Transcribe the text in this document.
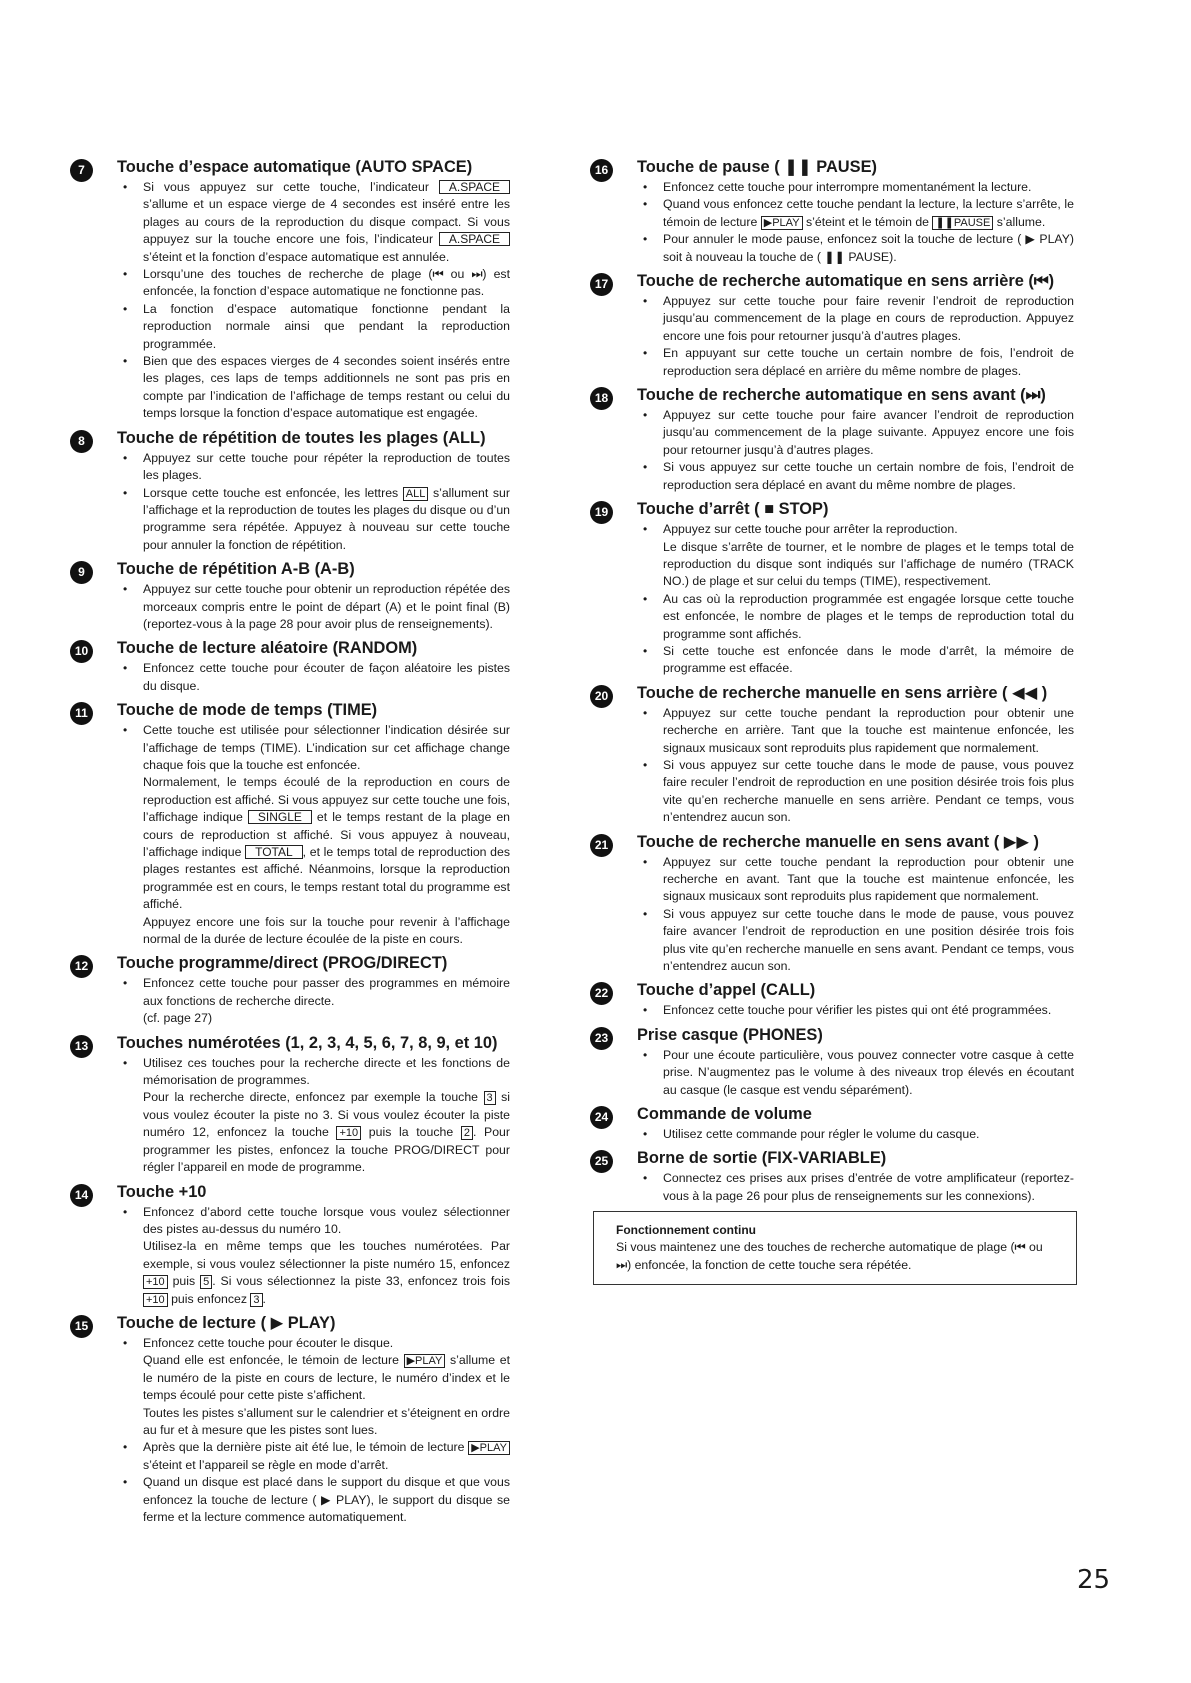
7	Touche d’espace automatique (AUTO SPACE)
• Si vous appuyez sur cette touche, l’indicateur A.SPACE s’allume et un espace vierge de 4 secondes est inséré entre les plages au cours de la reproduction du disque compact. Si vous appuyez sur la touche encore une fois, l’indicateur A.SPACE s’éteint et la fonction d’espace automatique est annulée.
• Lorsqu’une des touches de recherche de plage (⏮ ou ⏭) est enfoncée, la fonction d’espace automatique ne fonctionne pas.
• La fonction d’espace automatique fonctionne pendant la reproduction normale ainsi que pendant la reproduction programmée.
• Bien que des espaces vierges de 4 secondes soient insérés entre les plages, ces laps de temps additionnels ne sont pas pris en compte par l’indication de l’affichage de temps restant ou celui du temps lorsque la fonction d’espace automatique est engagée.
8	Touche de répétition de toutes les plages (ALL)
• Appuyez sur cette touche pour répéter la reproduction de toutes les plages.
• Lorsque cette touche est enfoncée, les lettres ALL s’allument sur l’affichage et la reproduction de toutes les plages du disque ou d’un programme sera répétée. Appuyez à nouveau sur cette touche pour annuler la fonction de répétition.
9	Touche de répétition A-B (A-B)
• Appuyez sur cette touche pour obtenir un reproduction répétée des morceaux compris entre le point de départ (A) et le point final (B) (reportez-vous à la page 28 pour avoir plus de renseignements).
10 Touche de lecture aléatoire (RANDOM)
• Enfoncez cette touche pour écouter de façon aléatoire les pistes du disque.
11	Touche de mode de temps (TIME)
• Cette touche est utilisée pour sélectionner l’indication désirée sur l’affichage de temps (TIME). L’indication sur cet affichage change chaque fois que la touche est enfoncée.
Normalement, le temps écoulé de la reproduction en cours de reproduction est affiché. Si vous appuyez sur cette touche une fois, l’affichage indique SINGLE et le temps restant de la plage en cours de reproduction st affiché. Si vous appuyez à nouveau, l’affichage indique TOTAL , et le temps total de reproduction des plages restantes est affiché. Néanmoins, lorsque la reproduction programmée est en cours, le temps restant total du programme est affiché.
Appuyez encore une fois sur la touche pour revenir à l’affichage normal de la durée de lecture écoulée de la piste en cours.
12 Touche programme/direct (PROG/DIRECT)
• Enfoncez cette touche pour passer des programmes en mémoire aux fonctions de recherche directe.
(cf. page 27)
13 Touches numérotées (1, 2, 3, 4, 5, 6, 7, 8, 9, et 10)
• Utilisez ces touches pour la recherche directe et les fonctions de mémorisation de programmes.
Pour la recherche directe, enfoncez par exemple la touche 3 si vous voulez écouter la piste no 3. Si vous voulez écouter la piste numéro 12, enfoncez la touche +10 puis la touche 2 . Pour programmer les pistes, enfoncez la touche PROG/DIRECT pour régler l’appareil en mode de programme.
14 Touche +10
• Enfoncez d’abord cette touche lorsque vous voulez sélectionner des pistes au-dessus du numéro 10.
Utilisez-la en même temps que les touches numérotées. Par exemple, si vous voulez sélectionner la piste numéro 15, enfoncez +10 puis 5 . Si vous sélectionnez la piste 33, enfoncez trois fois +10 puis enfoncez 3 .
15 Touche de lecture ( ▶ PLAY)
• Enfoncez cette touche pour écouter le disque.
Quand elle est enfoncée, le témoin de lecture ▶PLAY s’allume et le numéro de la piste en cours de lecture, le numéro d’index et le temps écoulé pour cette piste s’affichent.
Toutes les pistes s’allument sur le calendrier et s’éteignent en ordre au fur et à mesure que les pistes sont lues.
• Après que la dernière piste ait été lue, le témoin de lecture ▶PLAY s’éteint et l’appareil se règle en mode d’arrêt.
• Quand un disque est placé dans le support du disque et que vous enfoncez la touche de lecture ( ▶ PLAY), le support du disque se ferme et la lecture commence automatiquement.
16 Touche de pause ( ❚❚ PAUSE)
• Enfoncez cette touche pour interrompre momentanément la lecture.
• Quand vous enfoncez cette touche pendant la lecture, la lecture s’arrête, le témoin de lecture ▶PLAY s’éteint et le témoin de ❚❚PAUSE s’allume.
• Pour annuler le mode pause, enfoncez soit la touche de lecture ( ▶ PLAY) soit à nouveau la touche de ( ❚❚ PAUSE).
17 Touche de recherche automatique en sens arrière (⏮)
• Appuyez sur cette touche pour faire revenir l’endroit de reproduction jusqu’au commencement de la plage en cours de reproduction. Appuyez encore une fois pour retourner jusqu’à d’autres plages.
• En appuyant sur cette touche un certain nombre de fois, l’endroit de reproduction sera déplacé en arrière du même nombre de plages.
18 Touche de recherche automatique en sens avant (⏭)
• Appuyez sur cette touche pour faire avancer l’endroit de reproduction jusqu’au commencement de la plage suivante. Appuyez encore une fois pour retourner jusqu’à d’autres plages.
• Si vous appuyez sur cette touche un certain nombre de fois, l’endroit de reproduction sera déplacé en avant du même nombre de plages.
19 Touche d’arrêt ( ■ STOP)
• Appuyez sur cette touche pour arrêter la reproduction.
Le disque s’arrête de tourner, et le nombre de plages et le temps total de reproduction du disque sont indiqués sur l’affichage de numéro (TRACK NO.) de plage et sur celui du temps (TIME), respectivement.
• Au cas où la reproduction programmée est engagée lorsque cette touche est enfoncée, le nombre de plages et le temps de reproduction total du programme sont affichés.
• Si cette touche est enfoncée dans le mode d’arrêt, la mémoire de programme est effacée.
20 Touche de recherche manuelle en sens arrière ( ◀◀ )
• Appuyez sur cette touche pendant la reproduction pour obtenir une recherche en arrière. Tant que la touche est maintenue enfoncée, les signaux musicaux sont reproduits plus rapidement que normalement.
• Si vous appuyez sur cette touche dans le mode de pause, vous pouvez faire reculer l’endroit de reproduction en une position désirée trois fois plus vite qu’en recherche manuelle en sens arrière. Pendant ce temps, vous n’entendrez aucun son.
21 Touche de recherche manuelle en sens avant ( ▶▶ )
• Appuyez sur cette touche pendant la reproduction pour obtenir une recherche en avant. Tant que la touche est maintenue enfoncée, les signaux musicaux sont reproduits plus rapidement que normalement.
• Si vous appuyez sur cette touche dans le mode de pause, vous pouvez faire avancer l’endroit de reproduction en une position désirée trois fois plus vite qu’en recherche manuelle en sens avant. Pendant ce temps, vous n’entendrez aucun son.
22 Touche d’appel (CALL)
• Enfoncez cette touche pour vérifier les pistes qui ont été programmées.
23 Prise casque (PHONES)
• Pour une écoute particulière, vous pouvez connecter votre casque à cette prise. N’augmentez pas le volume à des niveaux trop élevés en écoutant au casque (le casque est vendu séparément).
24 Commande de volume
• Utilisez cette commande pour régler le volume du casque.
25 Borne de sortie (FIX-VARIABLE)
• Connectez ces prises aux prises d’entrée de votre amplificateur (reportez-vous à la page 26 pour plus de renseignements sur les connexions).
Fonctionnement continu
Si vous maintenez une des touches de recherche automatique de plage (⏮ ou ⏭) enfoncée, la fonction de cette touche sera répétée.
25
